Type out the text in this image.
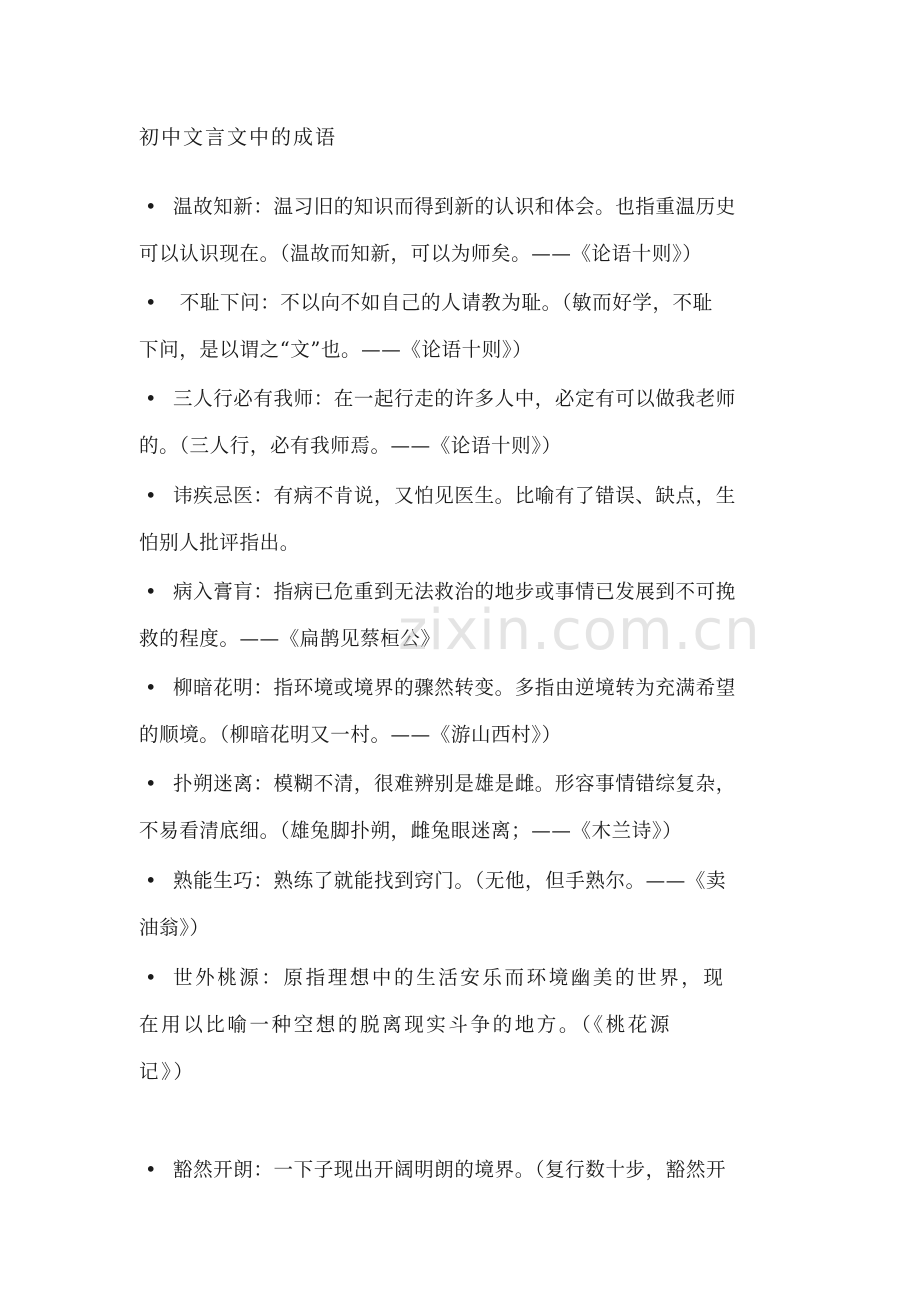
初中文言文中的成语
• 温故知新：温习旧的知识而得到新的认识和体会。也指重温历史
可以认识现在。（温故而知新，可以为师矣。——《论语十则》）
• 不耻下问：不以向不如自己的人请教为耻。（敏而好学，不耻
下问，是以谓之“文”也。——《论语十则》）
• 三人行必有我师：在一起行走的许多人中，必定有可以做我老师
的。（三人行，必有我师焉。——《论语十则》）
• 讳疾忌医：有病不肯说，又怕见医生。比喻有了错误、缺点，生
怕别人批评指出。
• 病入膏肓：指病已危重到无法救治的地步或事情已发展到不可挽
救的程度。——《扁鹊见蔡桓公》
• 柳暗花明：指环境或境界的骤然转变。多指由逆境转为充满希望
的顺境。（柳暗花明又一村。——《游山西村》）
• 扑朔迷离：模糊不清，很难辨别是雄是雌。形容事情错综复杂，
不易看清底细。（雄兔脚扑朔，雌兔眼迷离；——《木兰诗》）
• 熟能生巧：熟练了就能找到窍门。（无他，但手熟尔。——《卖
油翁》）
• 世外桃源：原指理想中的生活安乐而环境幽美的世界，现
在用以比喻一种空想的脱离现实斗争的地方。（《桃花源
记》）
• 豁然开朗：一下子现出开阔明朗的境界。（复行数十步，豁然开
zixin.com.cn
